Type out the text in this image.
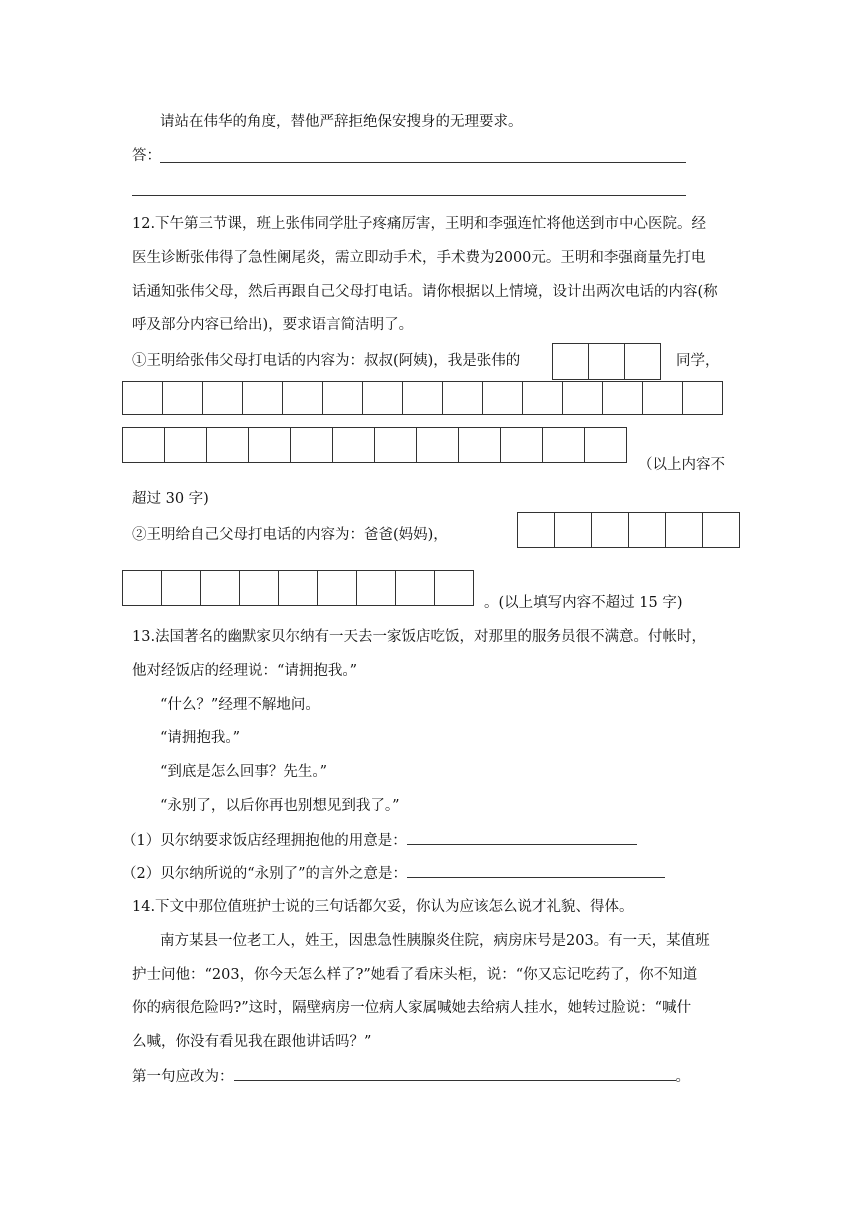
请站在伟华的角度，替他严辞拒绝保安搜身的无理要求。
答：
12.下午第三节课，班上张伟同学肚子疼痛厉害，王明和李强连忙将他送到市中心医院。经
医生诊断张伟得了急性阑尾炎，需立即动手术，手术费为2000元。王明和李强商量先打电
话通知张伟父母，然后再跟自己父母打电话。请你根据以上情境，设计出两次电话的内容(称
呼及部分内容已给出)，要求语言简洁明了。
①王明给张伟父母打电话的内容为：叔叔(阿姨)，我是张伟的	同学，
（以上内容不
超过 30 字)
②王明给自己父母打电话的内容为：爸爸(妈妈)，
。(以上填写内容不超过 15 字)
13.法国著名的幽默家贝尔纳有一天去一家饭店吃饭，对那里的服务员很不满意。付帐时，
他对经饭店的经理说：“请拥抱我。”
“什么？”经理不解地问。
“请拥抱我。”
“到底是怎么回事？先生。”
“永别了，以后你再也别想见到我了。”
（1）贝尔纳要求饭店经理拥抱他的用意是：
（2）贝尔纳所说的“永别了”的言外之意是：
14.下文中那位值班护士说的三句话都欠妥，你认为应该怎么说才礼貌、得体。
南方某县一位老工人，姓王，因患急性胰腺炎住院，病房床号是203。有一天，某值班
护士问他：“203，你今天怎么样了?”她看了看床头柜，说：“你又忘记吃药了，你不知道
你的病很危险吗?”这时，隔壁病房一位病人家属喊她去给病人挂水，她转过脸说：“喊什
么喊，你没有看见我在跟他讲话吗？”
第一句应改为：	。
